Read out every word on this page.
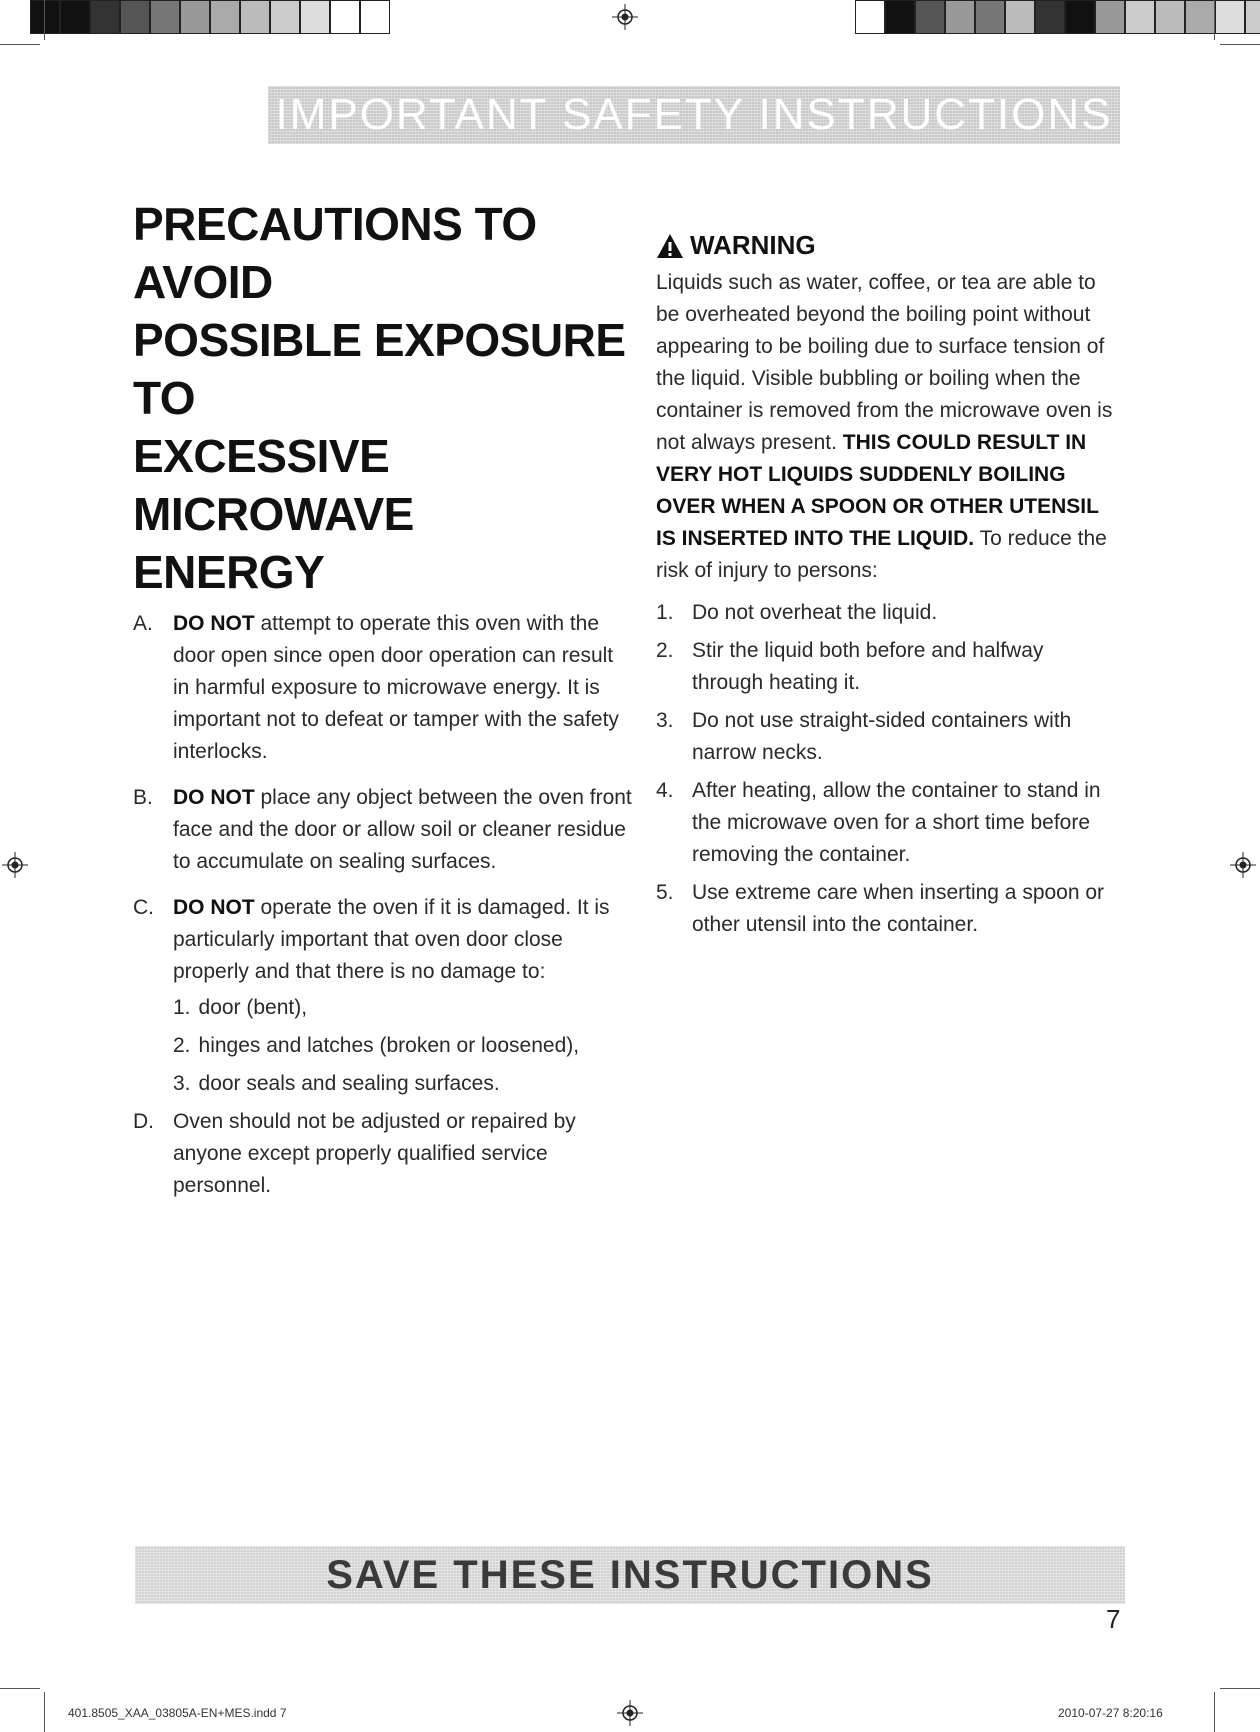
IMPORTANT SAFETY INSTRUCTIONS
PRECAUTIONS TO AVOID
POSSIBLE EXPOSURE TO
EXCESSIVE MICROWAVE
ENERGY
A. DO NOT attempt to operate this oven with the door open since open door operation can result in harmful exposure to microwave energy. It is important not to defeat or tamper with the safety interlocks.
B. DO NOT place any object between the oven front face and the door or allow soil or cleaner residue to accumulate on sealing surfaces.
C. DO NOT operate the oven if it is damaged. It is particularly important that oven door close properly and that there is no damage to:
1. door (bent),
2. hinges and latches (broken or loosened),
3. door seals and sealing surfaces.
D. Oven should not be adjusted or repaired by anyone except properly qualified service personnel.
WARNING
Liquids such as water, coffee, or tea are able to be overheated beyond the boiling point without appearing to be boiling due to surface tension of the liquid. Visible bubbling or boiling when the container is removed from the microwave oven is not always present. THIS COULD RESULT IN VERY HOT LIQUIDS SUDDENLY BOILING OVER WHEN A SPOON OR OTHER UTENSIL IS INSERTED INTO THE LIQUID. To reduce the risk of injury to persons:
1. Do not overheat the liquid.
2. Stir the liquid both before and halfway through heating it.
3. Do not use straight-sided containers with narrow necks.
4. After heating, allow the container to stand in the microwave oven for a short time before removing the container.
5. Use extreme care when inserting a spoon or other utensil into the container.
SAVE THESE INSTRUCTIONS
7
401.8505_XAA_03805A-EN+MES.indd 7	2010-07-27 8:20:16
